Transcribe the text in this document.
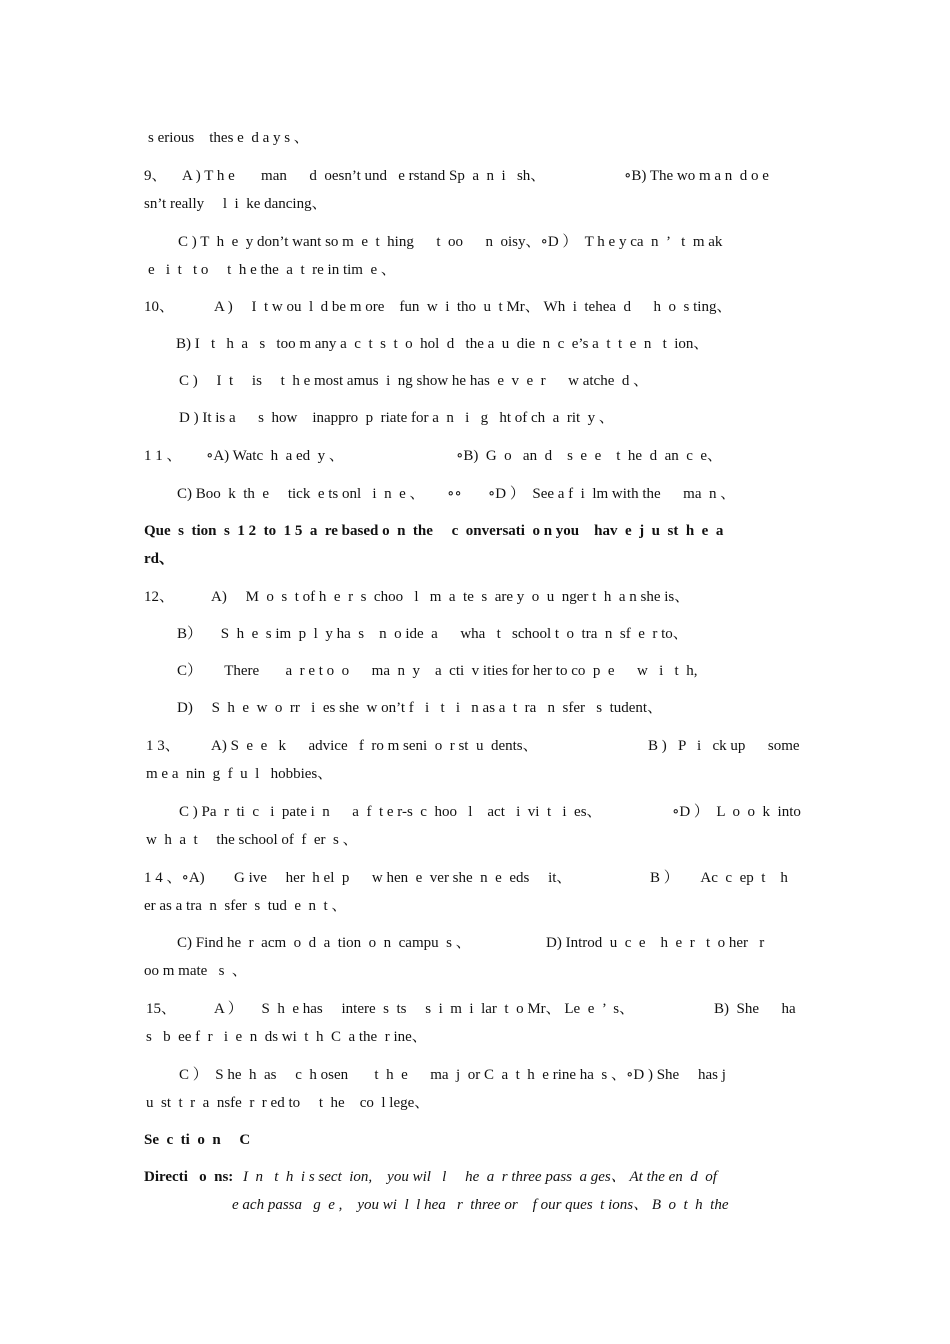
s erious    thes e  d a y s 、
9、 A ) T h e       man      d  oesn’t und   e rstand Sp  a  n  i   sh、	∘B) The wo m a n  d o e
sn’t really     l  i  ke dancing、
C ) T  h  e  y don’t want so m  e  t  hing      t  oo      n  oisy、∘D ）  T h e y ca  n  ’   t  m ak
e   i  t   t o     t  h e the  a  t  re in tim  e 、
10、	A )     I  t w ou  l  d be m ore    fun  w  i  tho  u  t Mr、 Wh  i  tehea  d      h  o  s ting、
B) I   t   h  a   s   too m any a  c  t  s  t  o  hol  d   the a  u  die  n  c  e’s a  t  t  e  n   t  ion、
C )     I  t     is     t  h e most amus  i  ng show he has  e  v  e  r      w atche  d 、
D ) It is a      s  how    inappro  p  riate for a  n   i   g   ht of ch  a  rit  y 、
1 1 、 ∘A) Watc  h  a ed  y 、	∘B)  G  o   an  d    s  e  e    t  he  d  an  c  e、
C) Boo  k  th  e     tick  e ts onl   i  n  e 、      ∘∘       ∘D ）  See a f  i  lm with the      ma  n 、
Que  s  tion  s  1 2  to  1 5  a  re based o  n  the     c  onversati  o n you    hav  e  j  u  st  h  e  a
rd、
12、 A)     M  o  s  t of h  e  r  s  choo   l   m  a  te  s  are y  o  u  nger t  h  a n she is、
B）     S  h  e  s im  p  l  y ha  s    n  o ide  a      wha   t   school t  o  tra  n  sf  e  r to、
C）      There       a  r e t o  o      ma  n  y    a  cti  v ities for her to co  p  e      w   i   t  h,
D)     S  h  e  w  o  rr   i  es she  w on’t f   i   t   i   n as a  t  ra   n  sfer   s  tudent、
1 3、 A) S  e  e   k      advice   f  ro m seni  o  r st  u  dents、	B )   P   i   ck up      some
m e a  nin  g  f  u  l   hobbies、
C ) Pa  r  ti  c   i  pate i  n      a  f  t e r-s  c  hoo   l    act   i  vi  t   i  es、	∘D ）  L  o  o  k  into
w  h  a  t     the school of  f  er  s 、
1 4 、∘A) G ive     her  h el  p      w hen  e  ver she  n  e  eds     it、	B ）      Ac  c  ep  t    h
er as a tra  n  sfer  s  tud  e  n  t 、
C) Find he  r  acm  o  d  a  tion  o  n  campu  s 、	D) Introd  u  c  e    h  e  r   t  o her   r
oo m mate   s  、
15、	A ）     S  h  e has     intere  s  ts     s  i  m  i  lar  t  o Mr、 Le  e  ’  s、	B)  She      ha
s   b  ee f  r   i  e  n  ds wi  t  h  C  a the  r ine、
C ）  S he  h  as     c  h osen       t  h  e      ma  j  or C  a  t  h  e rine ha  s 、∘D ) She     has j
u  st  t  r  a  nsfe  r  r ed to     t  he    co  l lege、
Se  c  ti  o  n     C
Directi   o  ns: I  n   t  h  i s sect  ion,    you wil   l     he  a  r three pass  a ges、 At the en  d  of
e ach passa   g  e ,    you wi  l  l hea   r  three or    f our ques  t ions、 B  o  t  h  the
